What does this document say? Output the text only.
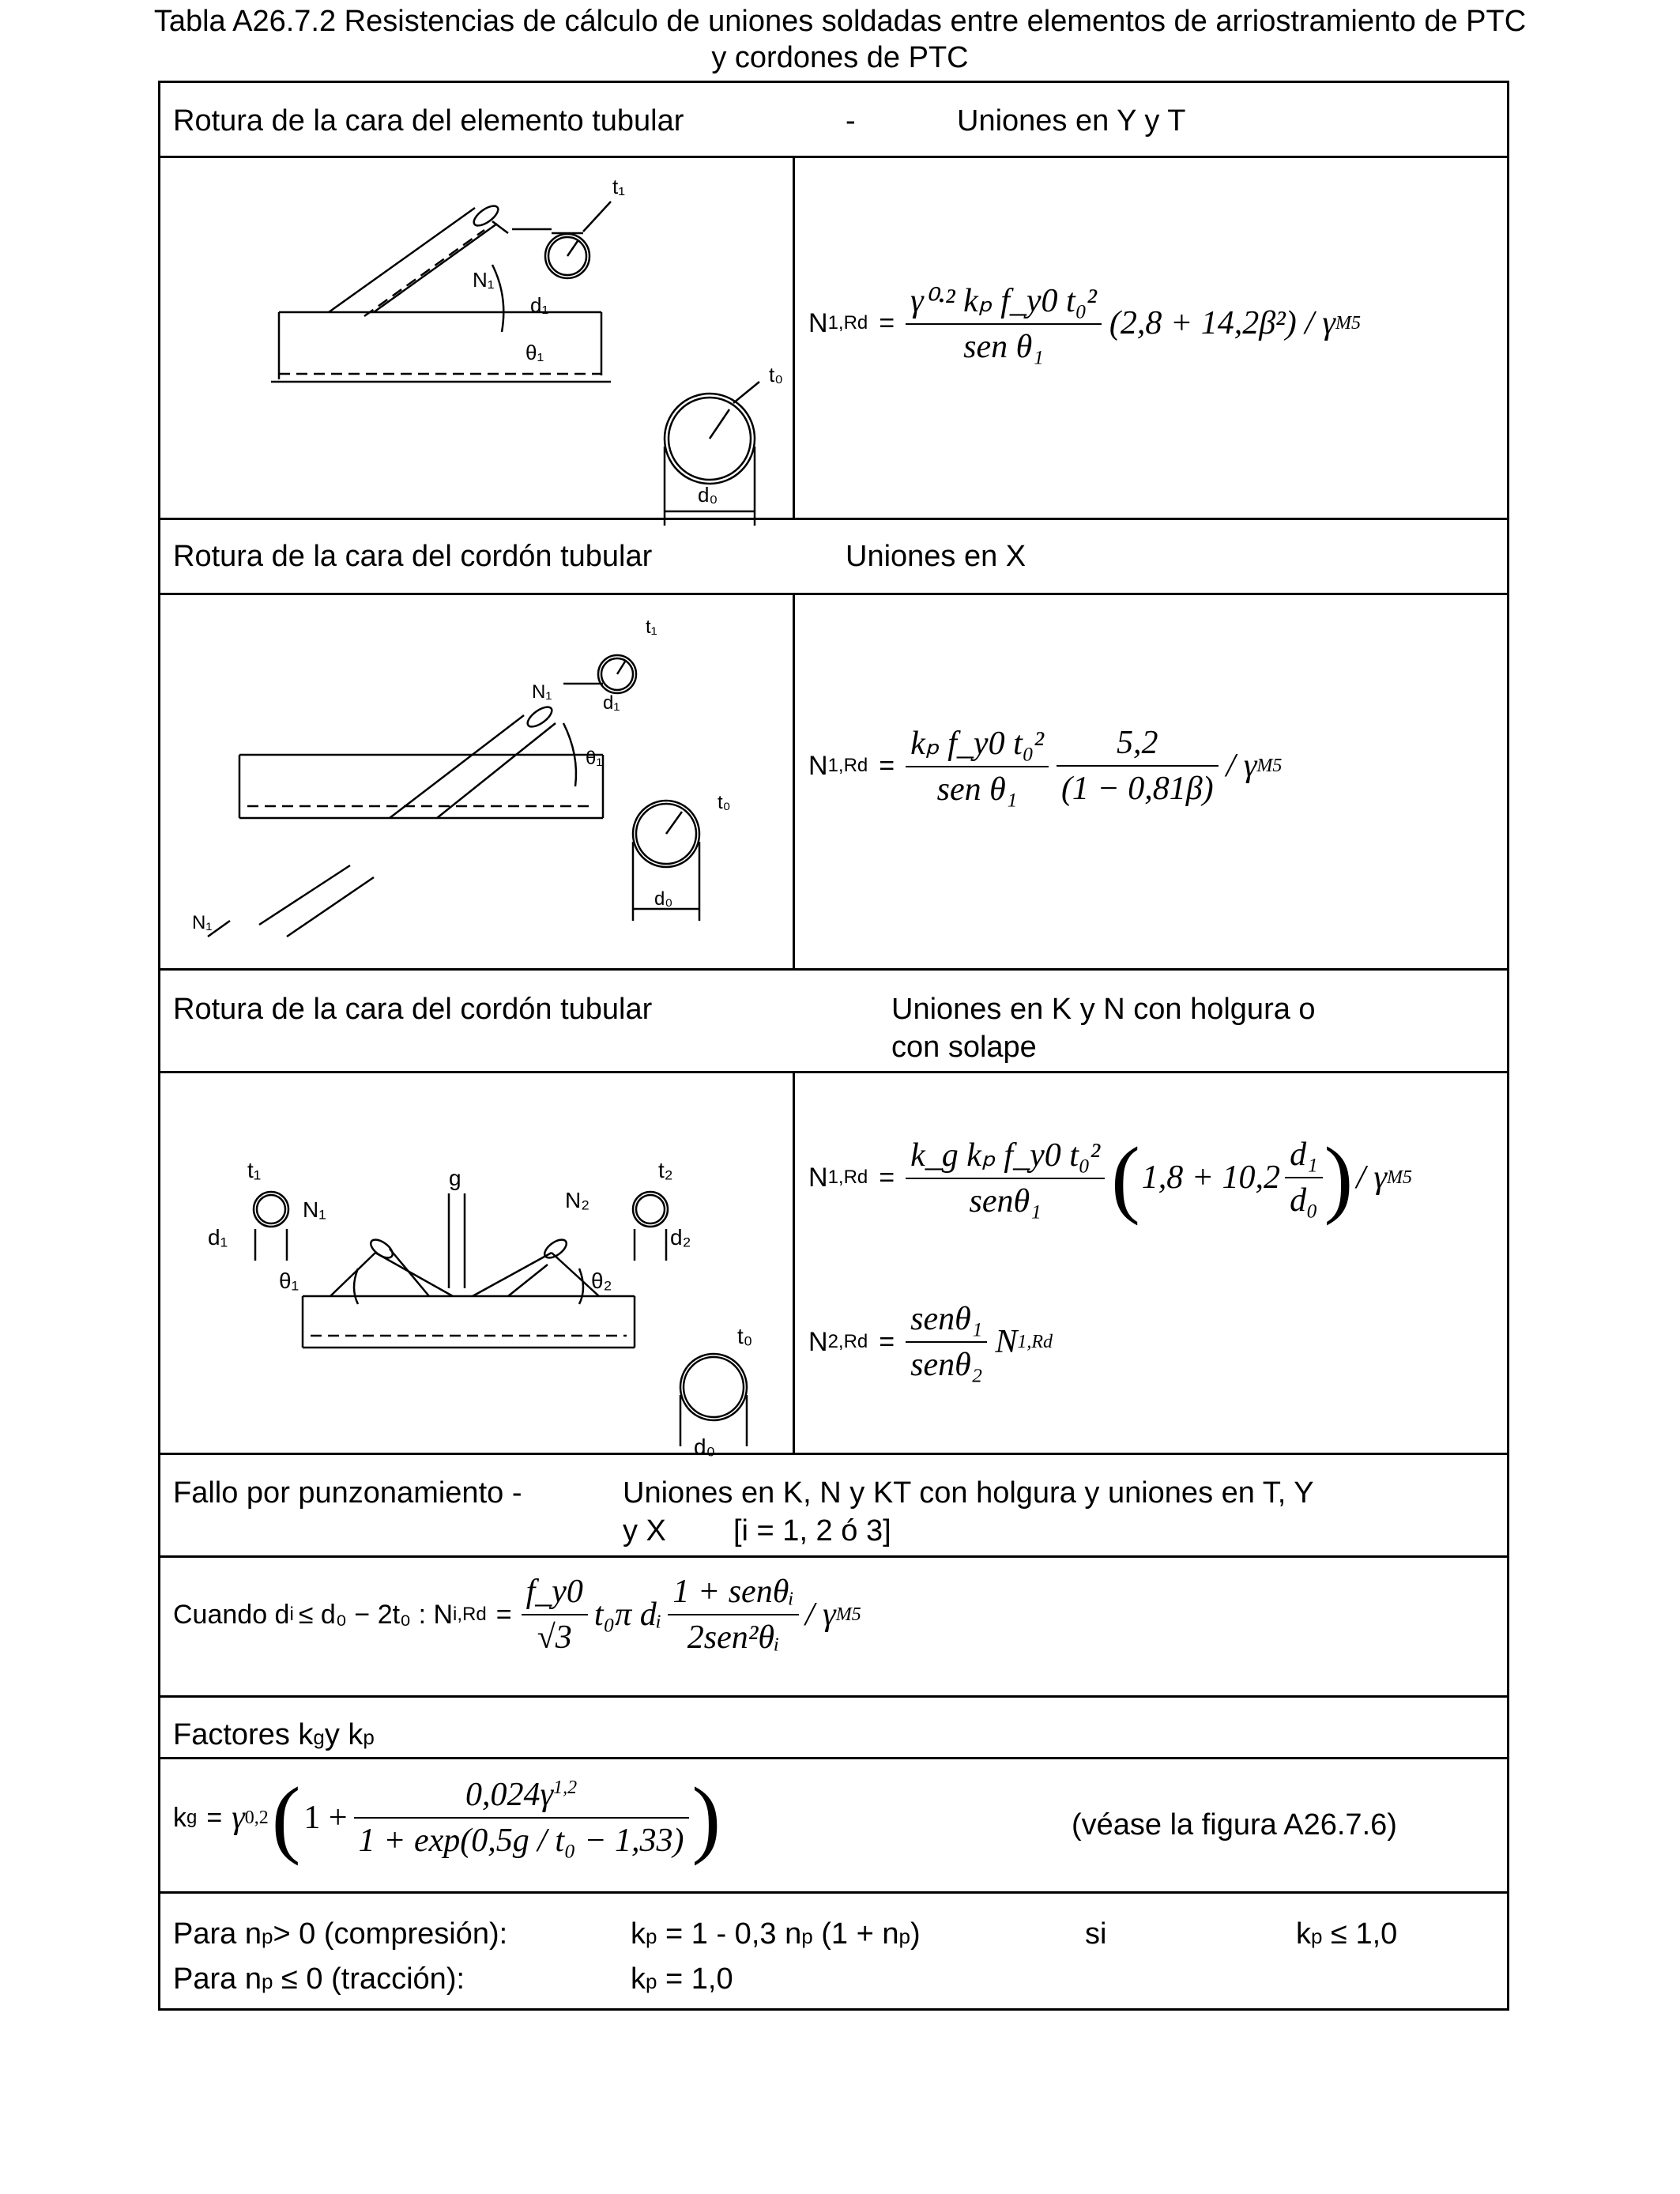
Tabla A26.7.2 Resistencias de cálculo de uniones soldadas entre elementos de arriostramiento de PTC
y cordones de PTC
Rotura de la cara del elemento tubular	-	Uniones en Y y T
t₁
N₁
d₁
θ₁
t₀
d₀
N $1,Rd = \frac{\text{γ⁰·² kₚ f\_y0 t₀²}}{\text{sen θ₁}} (2,8 + 14,2\beta^2) / \gamma$ M5
Rotura de la cara del cordón tubular	Uniones en X
t₁
N₁
d₁
θ₁
t₀
d₀
N₁
N $1,Rd = \frac{\text{kₚ f\_y0 t₀²}}{\text{sen θ₁}} \frac{5,2}{(1 - 0,81\beta)} / \gamma$ M5
Rotura de la cara del cordón tubular	Uniones en K y N con holgura o
con solape
t₁	t₂
g
N₁	N₂
d₁	d₂
θ₁	θ₂
t₀
d₀
N $1,Rd = \frac{\text{k\_g kₚ f\_y0 t₀²}}{\text{senθ₁}}$ ( $1,8 + 10,2 \frac{\text{d₁}}{\text{d₀}}$ ) / γ M5
N $2,Rd = \frac{\text{senθ₁}}{\text{senθ₂}}$ N 1,Rd
Fallo por punzonamiento -	Uniones en K, N y KT con holgura y uniones en T, Y
y X [i = 1, 2 ó 3]
Cuando d i ≤ d₀ − 2t₀ : N $i,Rd = \frac{f\_y0}{√3} t_0\pi$ dᵢ $\frac{\text{1 + senθᵢ}}{\text{2sen²θᵢ}}$ / γ M5
Factores kgy kp
k g = γ 0,2 ( $1 + \frac{0,024\gamma^{1,2}}{\text{1 + exp(0,5g / t₀ − 1,33)}}$ )	(véase la figura A26.7.6)
Para np> 0 (compresión):	kp = 1 - 0,3 np (1 + np)	si	kp ≤ 1,0
Para np ≤ 0 (tracción):	kp = 1,0
